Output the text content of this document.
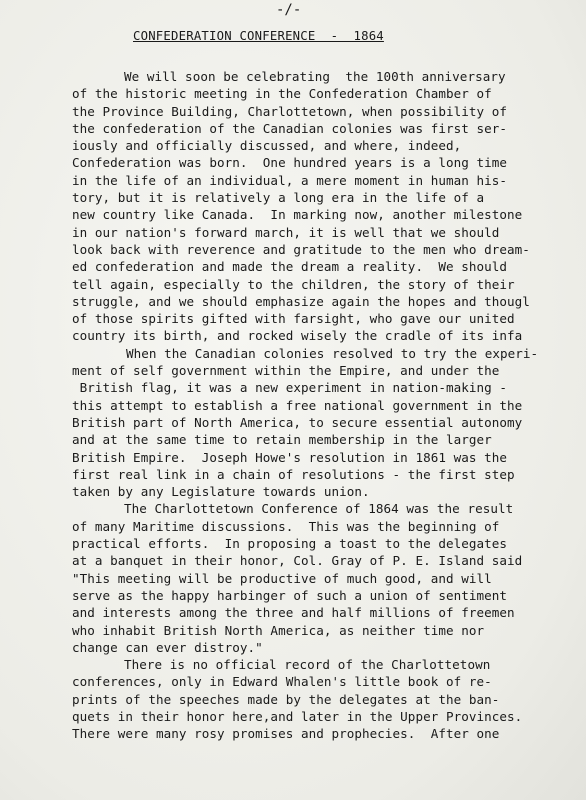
-/-
CONFEDERATION CONFERENCE  -  1864
We will soon be celebrating  the 100th anniversary
of the historic meeting in the Confederation Chamber of
the Province Building, Charlottetown, when possibility of
the confederation of the Canadian colonies was first ser-
iously and officially discussed, and where, indeed,
Confederation was born.  One hundred years is a long time
in the life of an individual, a mere moment in human his-
tory, but it is relatively a long era in the life of a
new country like Canada.  In marking now, another milestone
in our nation's forward march, it is well that we should
look back with reverence and gratitude to the men who dream-
ed confederation and made the dream a reality.  We should
tell again, especially to the children, the story of their
struggle, and we should emphasize again the hopes and thougl
of those spirits gifted with farsight, who gave our united
country its birth, and rocked wisely the cradle of its infa
When the Canadian colonies resolved to try the experi-
ment of self government within the Empire, and under the
British flag, it was a new experiment in nation-making -
this attempt to establish a free national government in the
British part of North America, to secure essential autonomy
and at the same time to retain membership in the larger
British Empire.  Joseph Howe's resolution in 1861 was the
first real link in a chain of resolutions - the first step
taken by any Legislature towards union.
The Charlottetown Conference of 1864 was the result
of many Maritime discussions.  This was the beginning of
practical efforts.  In proposing a toast to the delegates
at a banquet in their honor, Col. Gray of P. E. Island said
"This meeting will be productive of much good, and will
serve as the happy harbinger of such a union of sentiment
and interests among the three and half millions of freemen
who inhabit British North America, as neither time nor
change can ever distroy."
There is no official record of the Charlottetown
conferences, only in Edward Whalen's little book of re-
prints of the speeches made by the delegates at the ban-
quets in their honor here,and later in the Upper Provinces.
There were many rosy promises and prophecies.  After one
